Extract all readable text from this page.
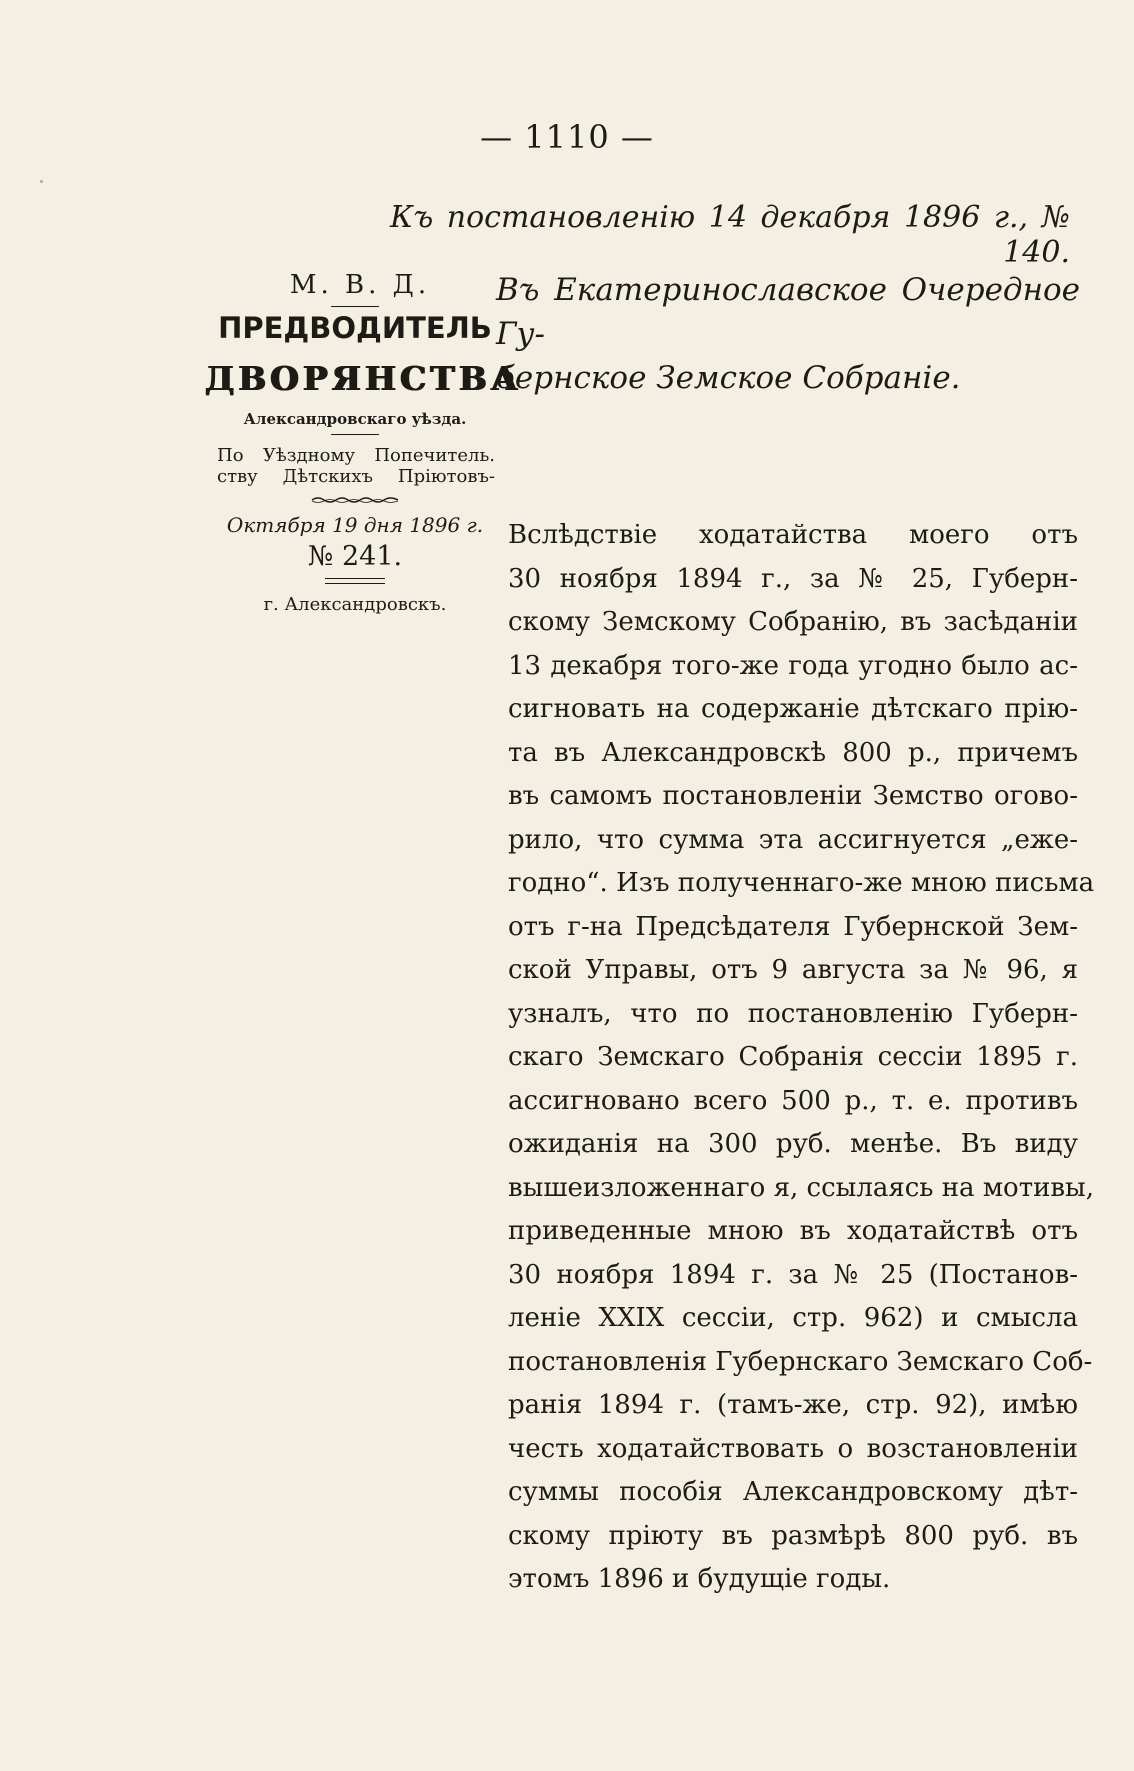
— 1110 —
Къ постановленію 14 декабря 1896 г., № 140.
М. В. Д.
ПРЕДВОДИТЕЛЬ
ДВОРЯНСТВА
Александровскаго уѣзда.
По Уѣздному Попечитель.
ству Дѣтскихъ Пріютовъ-
Октября 19 дня 1896 г.
№ 241.
г. Александровскъ.
Въ Екатеринославское Очередное Гу-
бернское Земское Собраніе.
Вслѣдствіе ходатайства моего отъ
30 ноября 1894 г., за № 25, Губерн-
скому Земскому Собранію, въ засѣданіи
13 декабря того-же года угодно было ас-
сигновать на содержаніе дѣтскаго прію-
та въ Александровскѣ 800 р., причемъ
въ самомъ постановленіи Земство огово-
рило, что сумма эта ассигнуется „еже-
годно“. Изъ полученнаго-же мною письма
отъ г-на Предсѣдателя Губернской Зем-
ской Управы, отъ 9 августа за № 96, я
узналъ, что по постановленію Губерн-
скаго Земскаго Собранія сессіи 1895 г.
ассигновано всего 500 р., т. е. противъ
ожиданія на 300 руб. менѣе. Въ виду
вышеизложеннаго я, ссылаясь на мотивы,
приведенные мною въ ходатайствѣ отъ
30 ноября 1894 г. за № 25 (Постанов-
леніе XXIX сессіи, стр. 962) и смысла
постановленія Губернскаго Земскаго Соб-
ранія 1894 г. (тамъ-же, стр. 92), имѣю
честь ходатайствовать о возстановленіи
суммы пособія Александровскому дѣт-
скому пріюту въ размѣрѣ 800 руб. въ
этомъ 1896 и будущіе годы.
